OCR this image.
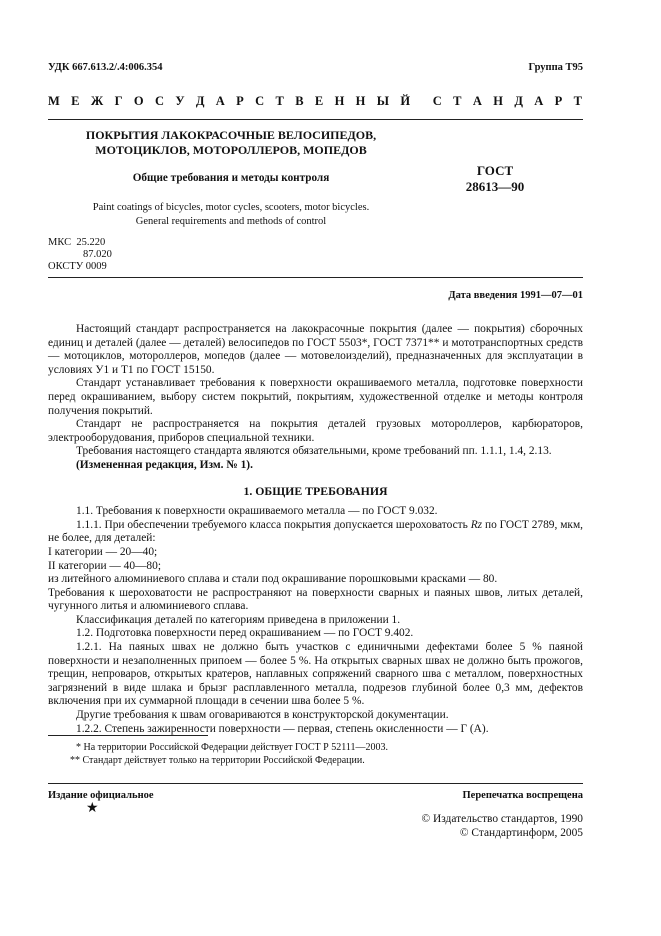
УДК 667.613.2/.4:006.354	Группа Т95
М Е Ж Г О С У Д А Р С Т В Е Н Н Ы Й С Т А Н Д А Р Т
ПОКРЫТИЯ ЛАКОКРАСОЧНЫЕ ВЕЛОСИПЕДОВ,
МОТОЦИКЛОВ, МОТОРОЛЛЕРОВ, МОПЕДОВ
Общие требования и методы контроля
Paint coatings of bicycles, motor cycles, scooters, motor bicycles.
General requirements and methods of control
ГОСТ
28613—90
МКС 25.220
87.020
ОКСТУ 0009
Дата введения 1991—07—01

Настоящий стандарт распространяется на лакокрасочные покрытия (далее — покрытия) сборочных единиц и деталей (далее — деталей) велосипедов по ГОСТ 5503*, ГОСТ 7371** и мототранспортных средств — мотоциклов, мотороллеров, мопедов (далее — мотовелоизделий), предназначенных для эксплуатации в условиях У1 и Т1 по ГОСТ 15150.

Стандарт устанавливает требования к поверхности окрашиваемого металла, подготовке поверхности перед окрашиванием, выбору систем покрытий, покрытиям, художественной отделке и методы контроля получения покрытий.

Стандарт не распространяется на покрытия деталей грузовых мотороллеров, карбюраторов, электрооборудования, приборов специальной техники.

Требования настоящего стандарта являются обязательными, кроме требований пп. 1.1.1, 1.4, 2.13.

(Измененная редакция, Изм. № 1).

1. ОБЩИЕ ТРЕБОВАНИЯ

1.1. Требования к поверхности окрашиваемого металла — по ГОСТ 9.032.

1.1.1. При обеспечении требуемого класса покрытия допускается шероховатость Rz по ГОСТ 2789, мкм, не более, для деталей:

I категории — 20—40;

II категории — 40—80;

из литейного алюминиевого сплава и стали под окрашивание порошковыми красками — 80.

Требования к шероховатости не распространяют на поверхности сварных и паяных швов, литых деталей, чугунного литья и алюминиевого сплава.

Классификация деталей по категориям приведена в приложении 1.

1.2. Подготовка поверхности перед окрашиванием — по ГОСТ 9.402.

1.2.1. На паяных швах не должно быть участков с единичными дефектами более 5 % паяной поверхности и незаполненных припоем — более 5 %. На открытых сварных швах не должно быть прожогов, трещин, непроваров, открытых кратеров, наплавных сопряжений сварного шва с металлом, поверхностных загрязнений в виде шлака и брызг расплавленного металла, подрезов глубиной более 0,3 мм, дефектов включения при их суммарной площади в сечении шва более 5 %.

Другие требования к швам оговариваются в конструкторской документации.

1.2.2. Степень зажиренности поверхности — первая, степень окисленности — Г (А).

* На территории Российской Федерации действует ГОСТ Р 52111—2003.
** Стандарт действует только на территории Российской Федерации.
Издание официальное	Перепечатка воспрещена
★
© Издательство стандартов, 1990
© Стандартинформ, 2005
